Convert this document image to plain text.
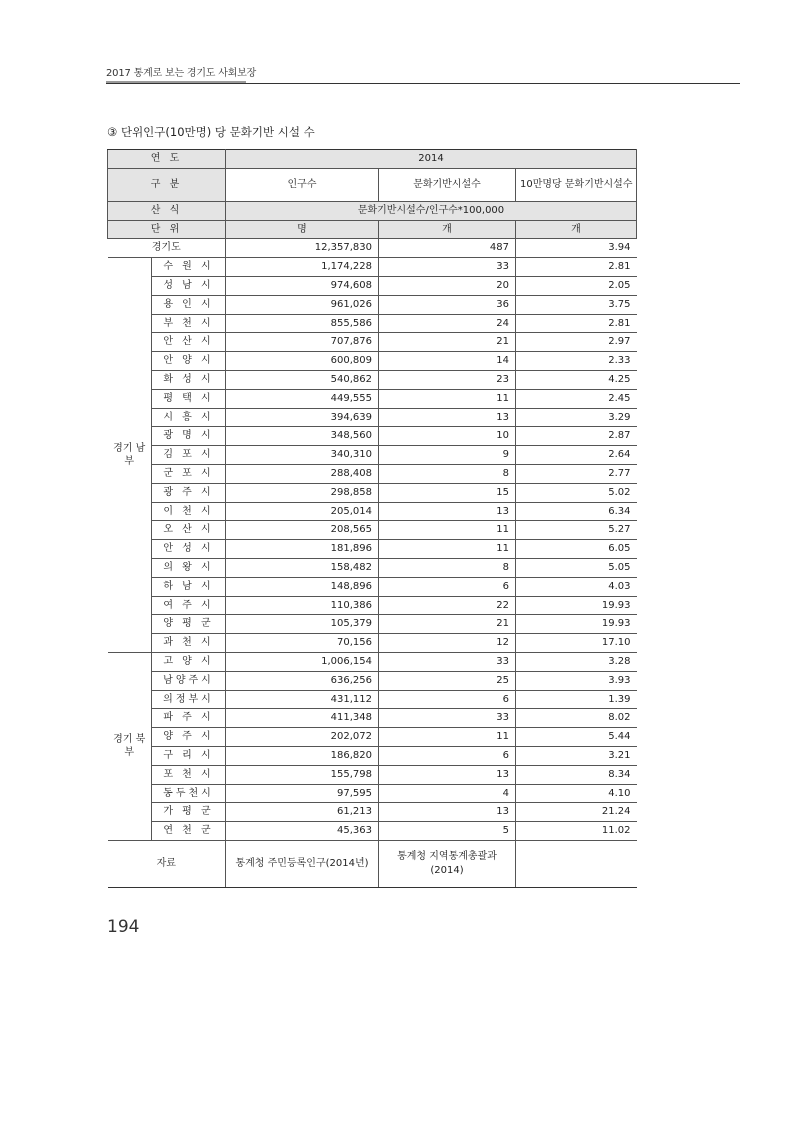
2017 통계로 보는 경기도 사회보장
③ 단위인구(10만명) 당 문화기반 시설 수
연 도		2014		
구 분		인구수	문화기반시설수	10만명당 문화기반시설수
산 식		문화기반시설수/인구수*100,000		
단 위		명	개	개
경기도		12,357,830	487	3.94
경기 남부	수 원 시	1,174,228	33	2.81
	성 남 시	974,608	20	2.05
	용 인 시	961,026	36	3.75
	부 천 시	855,586	24	2.81
	안 산 시	707,876	21	2.97
	안 양 시	600,809	14	2.33
	화 성 시	540,862	23	4.25
	평 택 시	449,555	11	2.45
	시 흥 시	394,639	13	3.29
	광 명 시	348,560	10	2.87
	김 포 시	340,310	9	2.64
	군 포 시	288,408	8	2.77
	광 주 시	298,858	15	5.02
	이 천 시	205,014	13	6.34
	오 산 시	208,565	11	5.27
	안 성 시	181,896	11	6.05
	의 왕 시	158,482	8	5.05
	하 남 시	148,896	6	4.03
	여 주 시	110,386	22	19.93
	양 평 군	105,379	21	19.93
	과 천 시	70,156	12	17.10
경기 북부	고 양 시	1,006,154	33	3.28
	남양주시	636,256	25	3.93
	의정부시	431,112	6	1.39
	파 주 시	411,348	33	8.02
	양 주 시	202,072	11	5.44
	구 리 시	186,820	6	3.21
	포 천 시	155,798	13	8.34
	동두천시	97,595	4	4.10
	가 평 군	61,213	13	21.24
	연 천 군	45,363	5	11.02
자료		통계청 주민등록인구(2014년)	통계청 지역통계총괄과(2014)	
194
